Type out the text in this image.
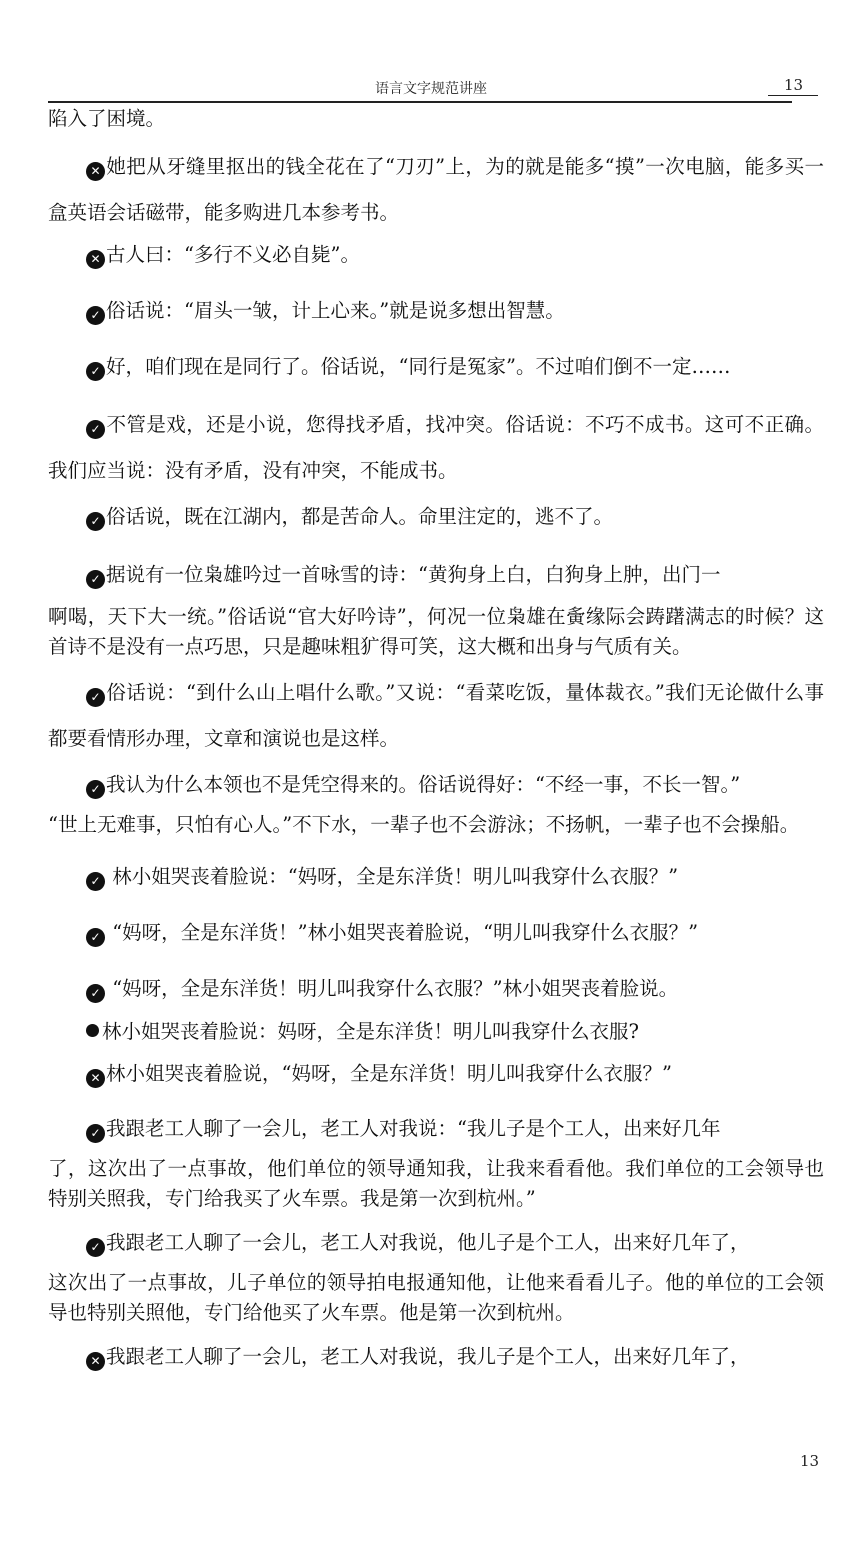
语言文字规范讲座	13

陷入了困境。

✕ 她把从牙缝里抠出的钱全花在了“刀刃”上，为的就是能多“摸”一次电脑，能多买一盒英语会话磁带，能多购进几本参考书。

✕ 古人曰：“多行不义必自毙”。

✓ 俗话说：“眉头一皱，计上心来。”就是说多想出智慧。

✓ 好，咱们现在是同行了。俗话说，“同行是冤家”。不过咱们倒不一定……

✓ 不管是戏，还是小说，您得找矛盾，找冲突。俗话说：不巧不成书。这可不正确。我们应当说：没有矛盾，没有冲突，不能成书。

✓ 俗话说，既在江湖内，都是苦命人。命里注定的，逃不了。

✓ 据说有一位枭雄吟过一首咏雪的诗：“黄狗身上白，白狗身上肿，出门一
啊喝，天下大一统。”俗话说“官大好吟诗”，何况一位枭雄在夤缘际会踌躇满志的时候？这首诗不是没有一点巧思，只是趣味粗犷得可笑，这大概和出身与气质有关。

✓ 俗话说：“到什么山上唱什么歌。”又说：“看菜吃饭，量体裁衣。”我们无论做什么事都要看情形办理，文章和演说也是这样。

✓ 我认为什么本领也不是凭空得来的。俗话说得好：“不经一事，不长一智。”
“世上无难事，只怕有心人。”不下水，一辈子也不会游泳；不扬帆，一辈子也不会操船。

✓ 林小姐哭丧着脸说：“妈呀，全是东洋货！明儿叫我穿什么衣服？”

✓ “妈呀，全是东洋货！”林小姐哭丧着脸说，“明儿叫我穿什么衣服？”

✓ “妈呀，全是东洋货！明儿叫我穿什么衣服？”林小姐哭丧着脸说。

林小姐哭丧着脸说：妈呀，全是东洋货！明儿叫我穿什么衣服?

✕ 林小姐哭丧着脸说，“妈呀，全是东洋货！明儿叫我穿什么衣服？”

✓ 我跟老工人聊了一会儿，老工人对我说：“我儿子是个工人，出来好几年
了，这次出了一点事故，他们单位的领导通知我，让我来看看他。我们单位的工会领导也特别关照我，专门给我买了火车票。我是第一次到杭州。”
✓ 我跟老工人聊了一会儿，老工人对我说，他儿子是个工人，出来好几年了，
这次出了一点事故，儿子单位的领导拍电报通知他，让他来看看儿子。他的单位的工会领导也特别关照他，专门给他买了火车票。他是第一次到杭州。

✕ 我跟老工人聊了一会儿，老工人对我说，我儿子是个工人，出来好几年了，

13
